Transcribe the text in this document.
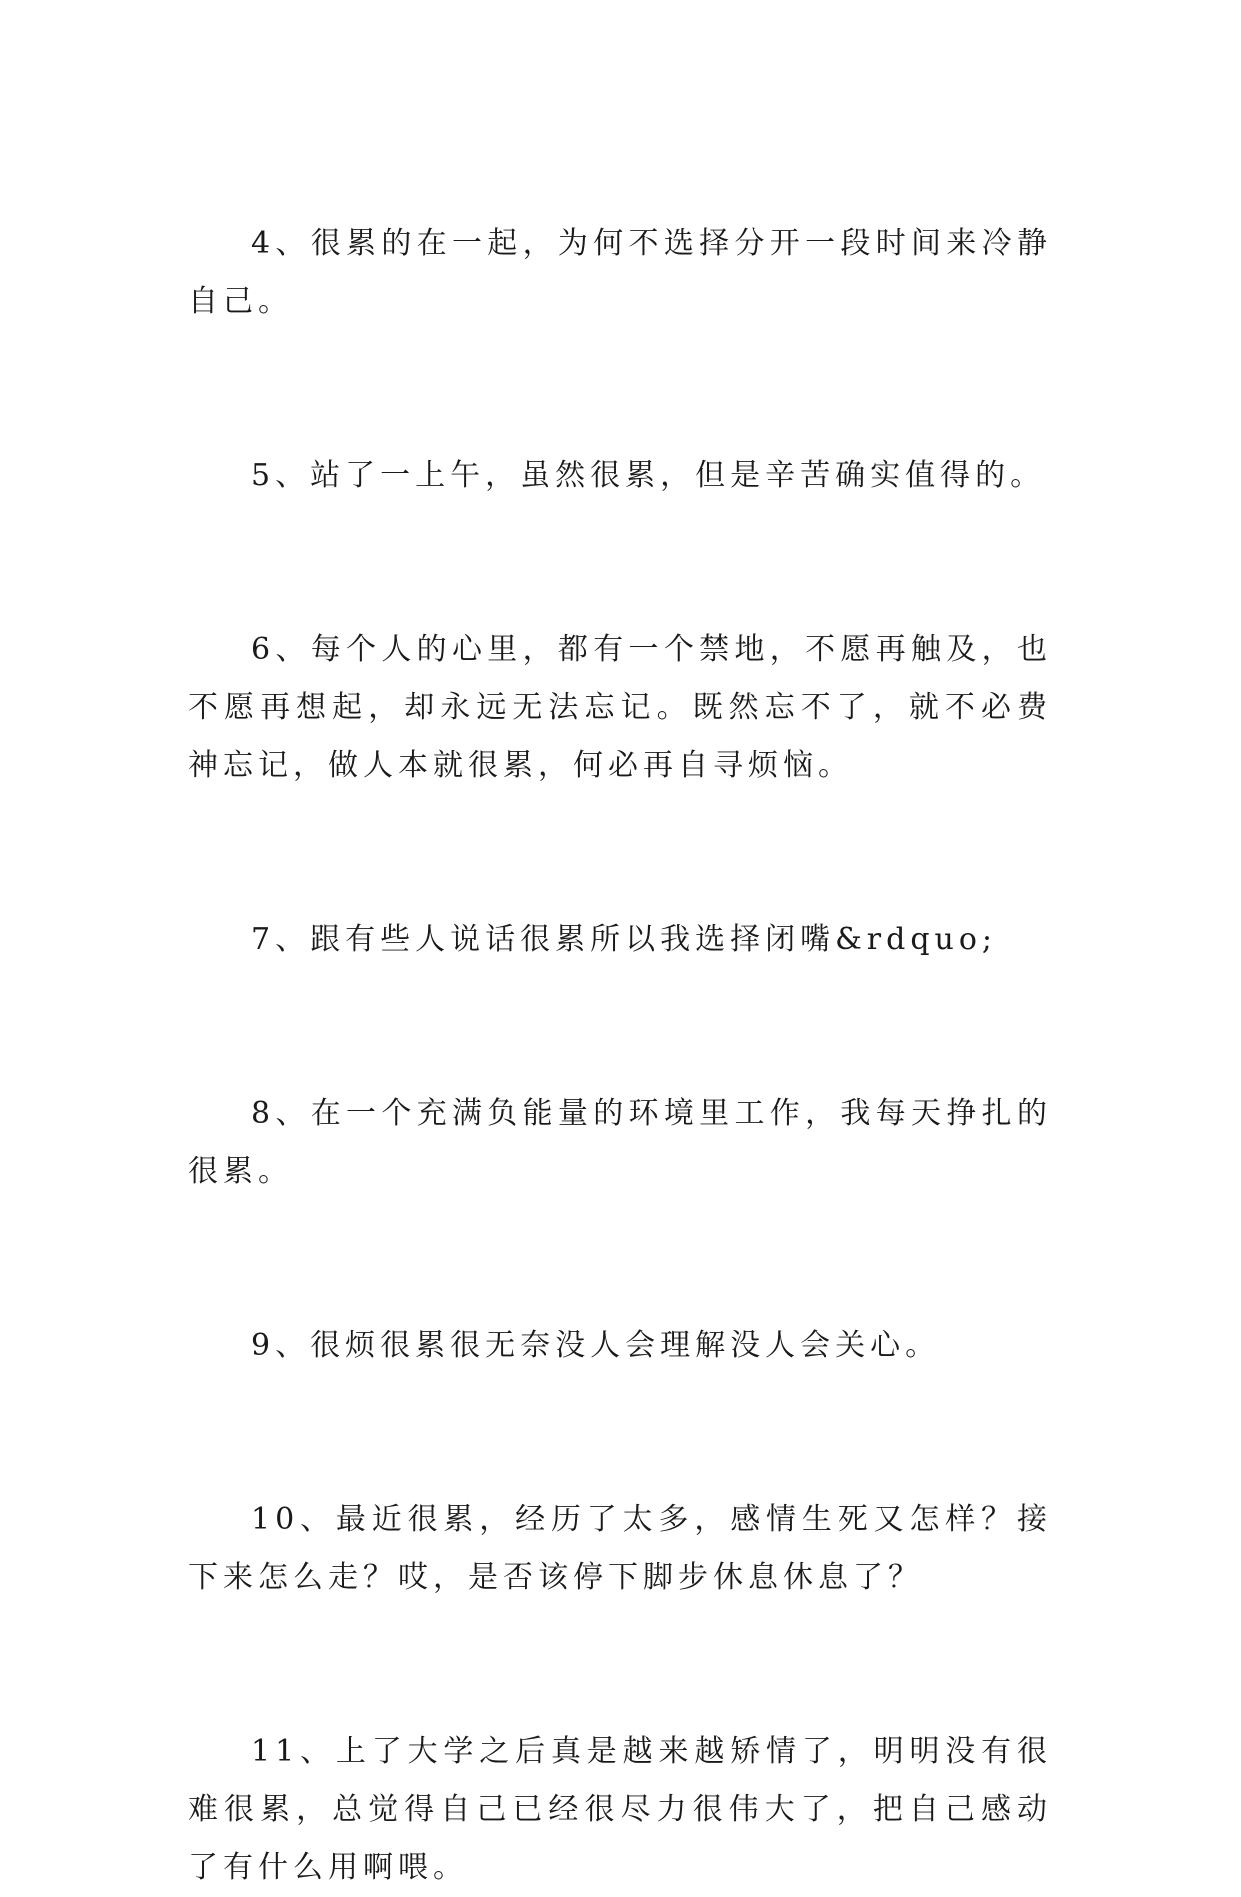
4、很累的在一起，为何不选择分开一段时间来冷静自己。

5、站了一上午，虽然很累，但是辛苦确实值得的。

6、每个人的心里，都有一个禁地，不愿再触及，也不愿再想起，却永远无法忘记。既然忘不了，就不必费神忘记，做人本就很累，何必再自寻烦恼。

7、跟有些人说话很累所以我选择闭嘴&rdquo;

8、在一个充满负能量的环境里工作，我每天挣扎的很累。

9、很烦很累很无奈没人会理解没人会关心。

10、最近很累，经历了太多，感情生死又怎样？接下来怎么走？哎，是否该停下脚步休息休息了？

11、上了大学之后真是越来越矫情了，明明没有很难很累，总觉得自己已经很尽力很伟大了，把自己感动了有什么用啊喂。
